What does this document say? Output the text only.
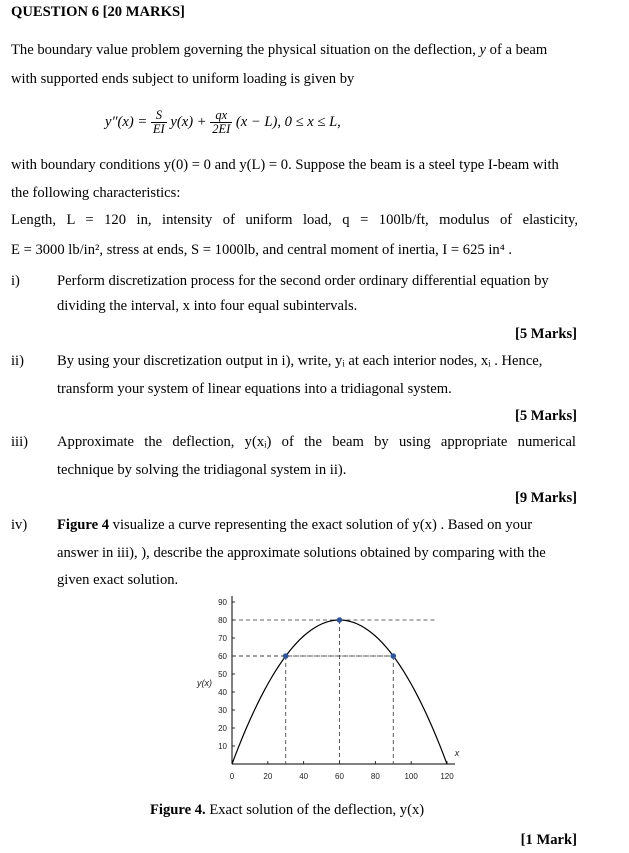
QUESTION 6 [20 MARKS]
The boundary value problem governing the physical situation on the deflection, y of a beam
with supported ends subject to uniform loading is given by
$y''(x) = \frac{S}{EI} y(x) + \frac{qx}{2EI} (x - L)$, 0 ≤ x ≤ L,
with boundary conditions y(0) = 0 and y(L) = 0. Suppose the beam is a steel type I-beam with
the following characteristics:
Length, L = 120 in, intensity of uniform load, q = 100lb/ft, modulus of elasticity,
E = 3000 lb/in², stress at ends, S = 1000lb, and central moment of inertia, I = 625 in⁴ .
i)	Perform discretization process for the second order ordinary differential equation by
dividing the interval, x into four equal subintervals.
[5 Marks]
ii) By using your discretization output in i), write, yᵢ at each interior nodes, xᵢ . Hence,
transform your system of linear equations into a tridiagonal system.
[5 Marks]
iii) Approximate the deflection, y(xᵢ) of the beam by using appropriate numerical
technique by solving the tridiagonal system in ii).
[9 Marks]
iv) Figure 4 visualize a curve representing the exact solution of y(x) . Based on your
answer in iii), ), describe the approximate solutions obtained by comparing with the
given exact solution.
0	20	40	60	80	100	120
10
20
30
40
50
60
70
80
90
x
y(x)
Figure 4. Exact solution of the deflection, y(x)
[1 Mark]
